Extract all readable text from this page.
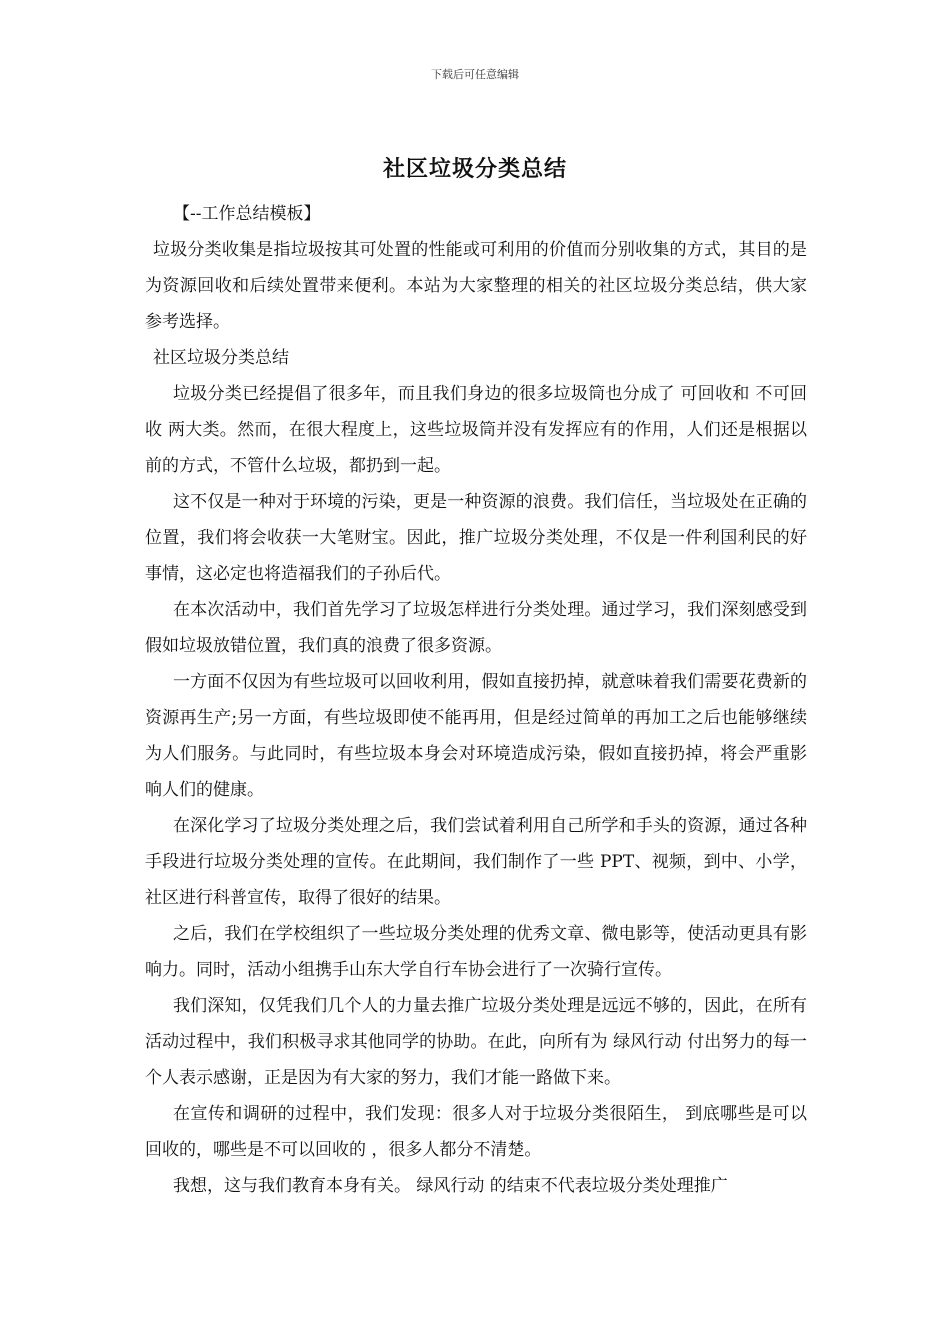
下载后可任意编辑
社区垃圾分类总结

【--工作总结模板】

垃圾分类收集是指垃圾按其可处置的性能或可利用的价值而分别收集的方式，其目的是为资源回收和后续处置带来便利。本站为大家整理的相关的社区垃圾分类总结，供大家参考选择。

社区垃圾分类总结

垃圾分类已经提倡了很多年，而且我们身边的很多垃圾筒也分成了 可回收和 不可回收 两大类。然而，在很大程度上，这些垃圾筒并没有发挥应有的作用，人们还是根据以前的方式，不管什么垃圾，都扔到一起。

这不仅是一种对于环境的污染，更是一种资源的浪费。我们信任，当垃圾处在正确的位置，我们将会收获一大笔财宝。因此，推广垃圾分类处理，不仅是一件利国利民的好事情，这必定也将造福我们的子孙后代。

在本次活动中，我们首先学习了垃圾怎样进行分类处理。通过学习，我们深刻感受到假如垃圾放错位置，我们真的浪费了很多资源。

一方面不仅因为有些垃圾可以回收利用，假如直接扔掉，就意味着我们需要花费新的资源再生产;另一方面，有些垃圾即使不能再用，但是经过简单的再加工之后也能够继续为人们服务。与此同时，有些垃圾本身会对环境造成污染，假如直接扔掉，将会严重影响人们的健康。

在深化学习了垃圾分类处理之后，我们尝试着利用自己所学和手头的资源，通过各种手段进行垃圾分类处理的宣传。在此期间，我们制作了一些 PPT、视频，到中、小学，社区进行科普宣传，取得了很好的结果。

之后，我们在学校组织了一些垃圾分类处理的优秀文章、微电影等，使活动更具有影响力。同时，活动小组携手山东大学自行车协会进行了一次骑行宣传。

我们深知，仅凭我们几个人的力量去推广垃圾分类处理是远远不够的，因此，在所有活动过程中，我们积极寻求其他同学的协助。在此，向所有为 绿风行动 付出努力的每一个人表示感谢，正是因为有大家的努力，我们才能一路做下来。

在宣传和调研的过程中，我们发现：很多人对于垃圾分类很陌生， 到底哪些是可以回收的，哪些是不可以回收的 ，很多人都分不清楚。

我想，这与我们教育本身有关。 绿风行动 的结束不代表垃圾分类处理推广
